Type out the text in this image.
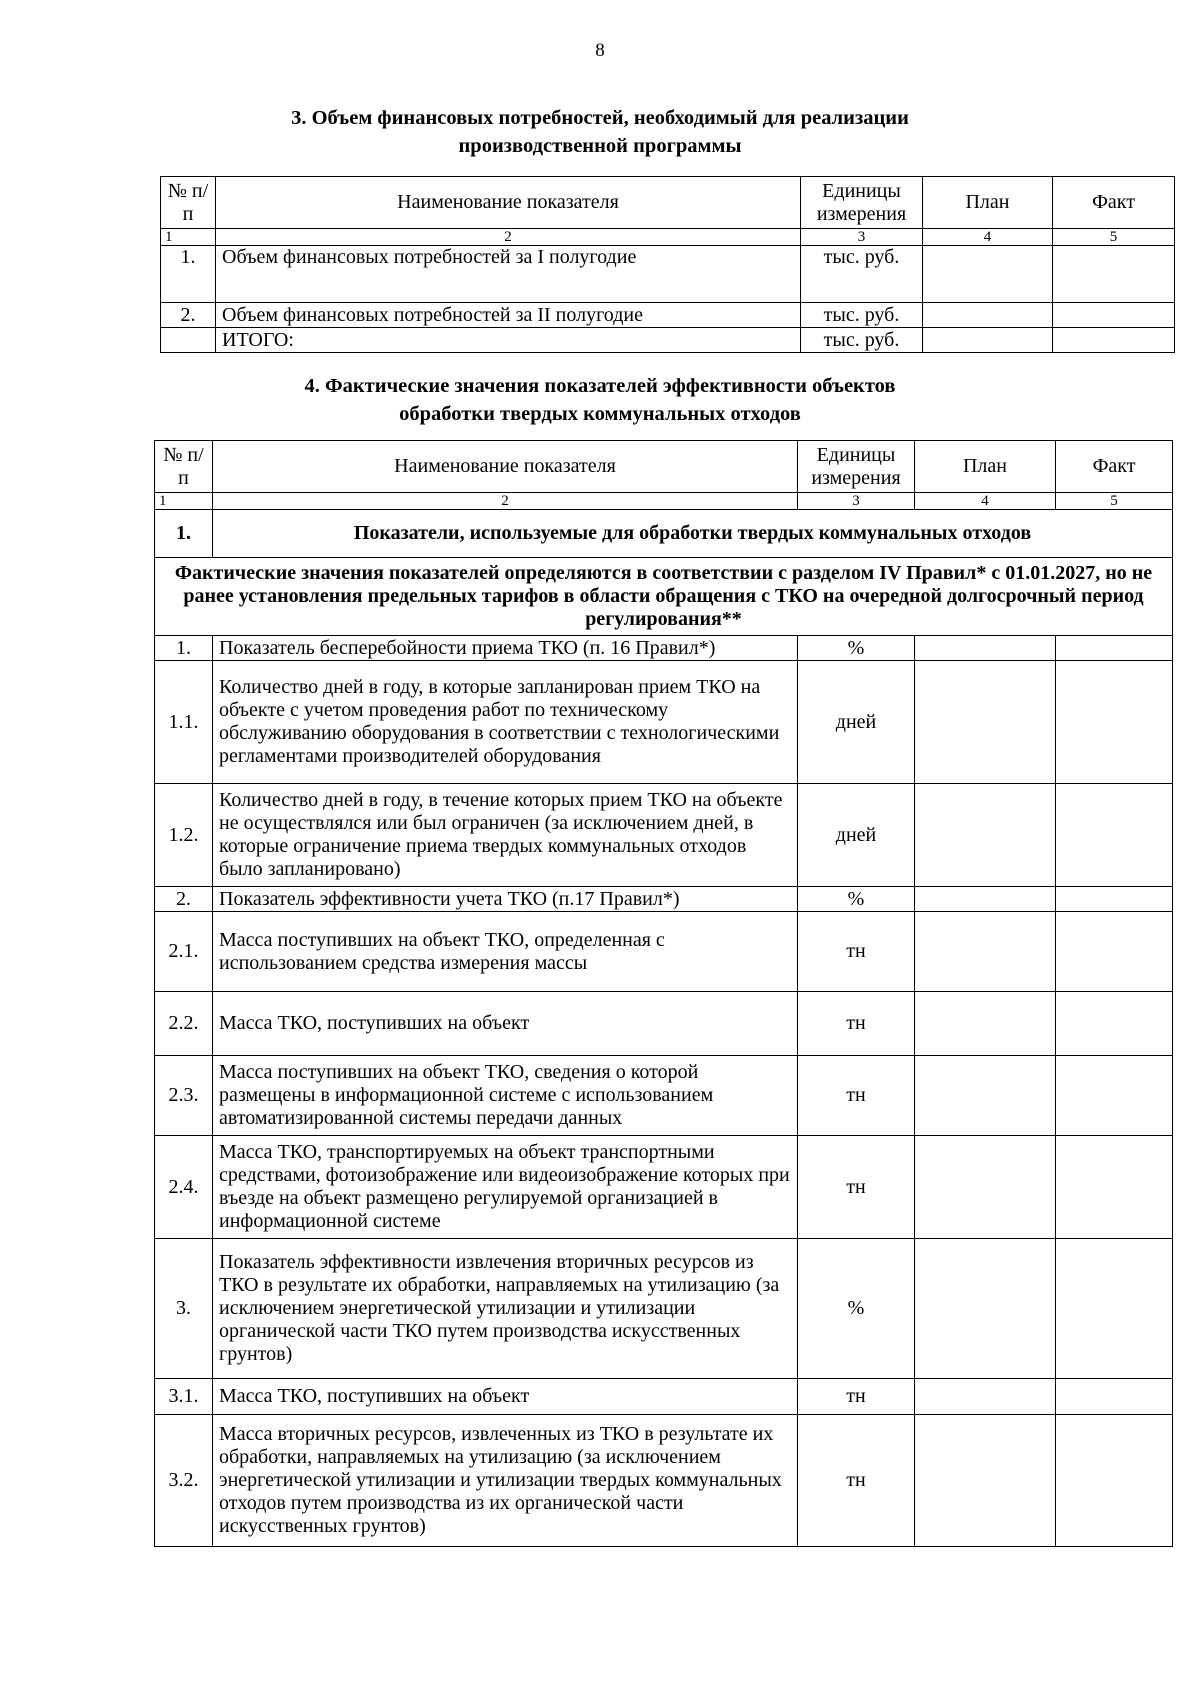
8
3. Объем финансовых потребностей, необходимый для реализации
производственной программы
№ п/п	Наименование показателя	Единицы измерения	План	Факт
1	2	3	4	5
1.	Объем финансовых потребностей за I полугодие	тыс. руб.		
2.	Объем финансовых потребностей за II полугодие	тыс. руб.		
	ИТОГО:	тыс. руб.		
4. Фактические значения показателей эффективности объектов
обработки твердых коммунальных отходов
№ п/п	Наименование показателя	Единицы измерения	План	Факт
1	2	3	4	5
1.	Показатели, используемые для обработки твердых коммунальных отходов			
Фактические значения показателей определяются в соответствии с разделом IV Правил* с 01.01.2027, но не ранее установления предельных тарифов в области обращения с ТКО на очередной долгосрочный период регулирования**				
1.	Показатель бесперебойности приема ТКО (п. 16 Правил*)	%		
1.1.	Количество дней в году, в которые запланирован прием ТКО на объекте с учетом проведения работ по техническому обслуживанию оборудования в соответствии с технологическими регламентами производителей оборудования	дней		
1.2.	Количество дней в году, в течение которых прием ТКО на объекте не осуществлялся или был ограничен (за исключением дней, в которые ограничение приема твердых коммунальных отходов было запланировано)	дней		
2.	Показатель эффективности учета ТКО (п.17 Правил*)	%		
2.1.	Масса поступивших на объект ТКО, определенная с использованием средства измерения массы	тн		
2.2.	Масса ТКО, поступивших на объект	тн		
2.3.	Масса поступивших на объект ТКО, сведения о которой размещены в информационной системе с использованием автоматизированной системы передачи данных	тн		
2.4.	Масса ТКО, транспортируемых на объект транспортными средствами, фотоизображение или видеоизображение которых при въезде на объект размещено регулируемой организацией в информационной системе	тн		
3.	Показатель эффективности извлечения вторичных ресурсов из ТКО в результате их обработки, направляемых на утилизацию (за исключением энергетической утилизации и утилизации органической части ТКО путем производства искусственных грунтов)	%		
3.1.	Масса ТКО, поступивших на объект	тн		
3.2.	Масса вторичных ресурсов, извлеченных из ТКО в результате их обработки, направляемых на утилизацию (за исключением энергетической утилизации и утилизации твердых коммунальных отходов путем производства из их органической части искусственных грунтов)	тн		
